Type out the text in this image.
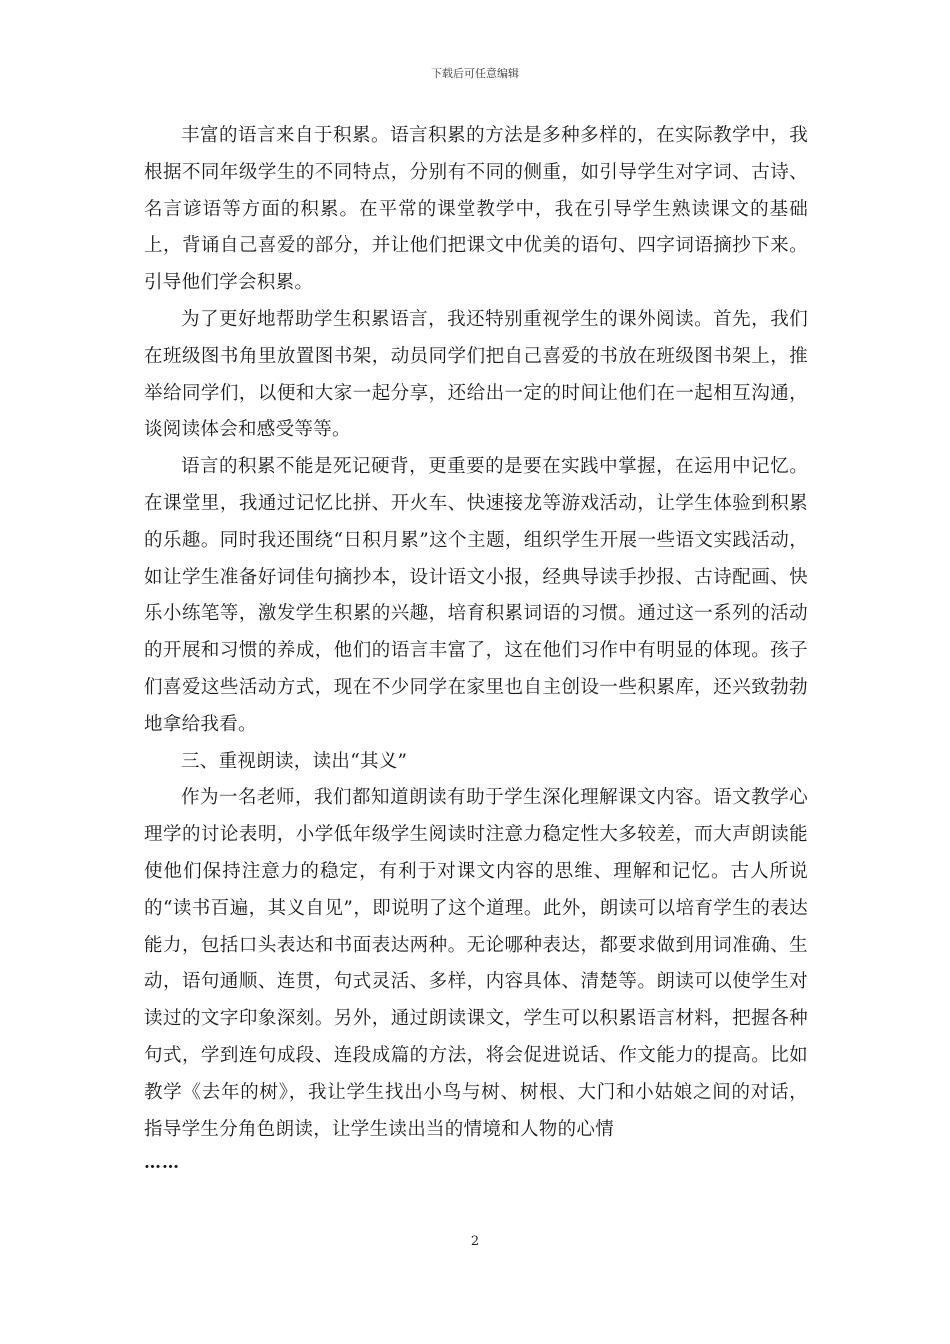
下载后可任意编辑

丰富的语言来自于积累。语言积累的方法是多种多样的，在实际教学中，我根据不同年级学生的不同特点，分别有不同的侧重，如引导学生对字词、古诗、名言谚语等方面的积累。在平常的课堂教学中，我在引导学生熟读课文的基础上，背诵自己喜爱的部分，并让他们把课文中优美的语句、四字词语摘抄下来。引导他们学会积累。

为了更好地帮助学生积累语言，我还特别重视学生的课外阅读。首先，我们在班级图书角里放置图书架，动员同学们把自己喜爱的书放在班级图书架上，推举给同学们，以便和大家一起分享，还给出一定的时间让他们在一起相互沟通，谈阅读体会和感受等等。

语言的积累不能是死记硬背，更重要的是要在实践中掌握，在运用中记忆。在课堂里，我通过记忆比拼、开火车、快速接龙等游戏活动，让学生体验到积累的乐趣。同时我还围绕“日积月累”这个主题，组织学生开展一些语文实践活动，如让学生准备好词佳句摘抄本，设计语文小报，经典导读手抄报、古诗配画、快乐小练笔等，激发学生积累的兴趣，培育积累词语的习惯。通过这一系列的活动的开展和习惯的养成，他们的语言丰富了，这在他们习作中有明显的体现。孩子们喜爱这些活动方式，现在不少同学在家里也自主创设一些积累库，还兴致勃勃地拿给我看。

三、重视朗读，读出“其义”

作为一名老师，我们都知道朗读有助于学生深化理解课文内容。语文教学心理学的讨论表明，小学低年级学生阅读时注意力稳定性大多较差，而大声朗读能使他们保持注意力的稳定，有利于对课文内容的思维、理解和记忆。古人所说的“读书百遍，其义自见”，即说明了这个道理。此外，朗读可以培育学生的表达能力，包括口头表达和书面表达两种。无论哪种表达，都要求做到用词准确、生动，语句通顺、连贯，句式灵活、多样，内容具体、清楚等。朗读可以使学生对读过的文字印象深刻。另外，通过朗读课文，学生可以积累语言材料，把握各种句式，学到连句成段、连段成篇的方法，将会促进说话、作文能力的提高。比如教学《去年的树》，我让学生找出小鸟与树、树根、大门和小姑娘之间的对话，指导学生分角色朗读，让学生读出当的情境和人物的心情

……

2
